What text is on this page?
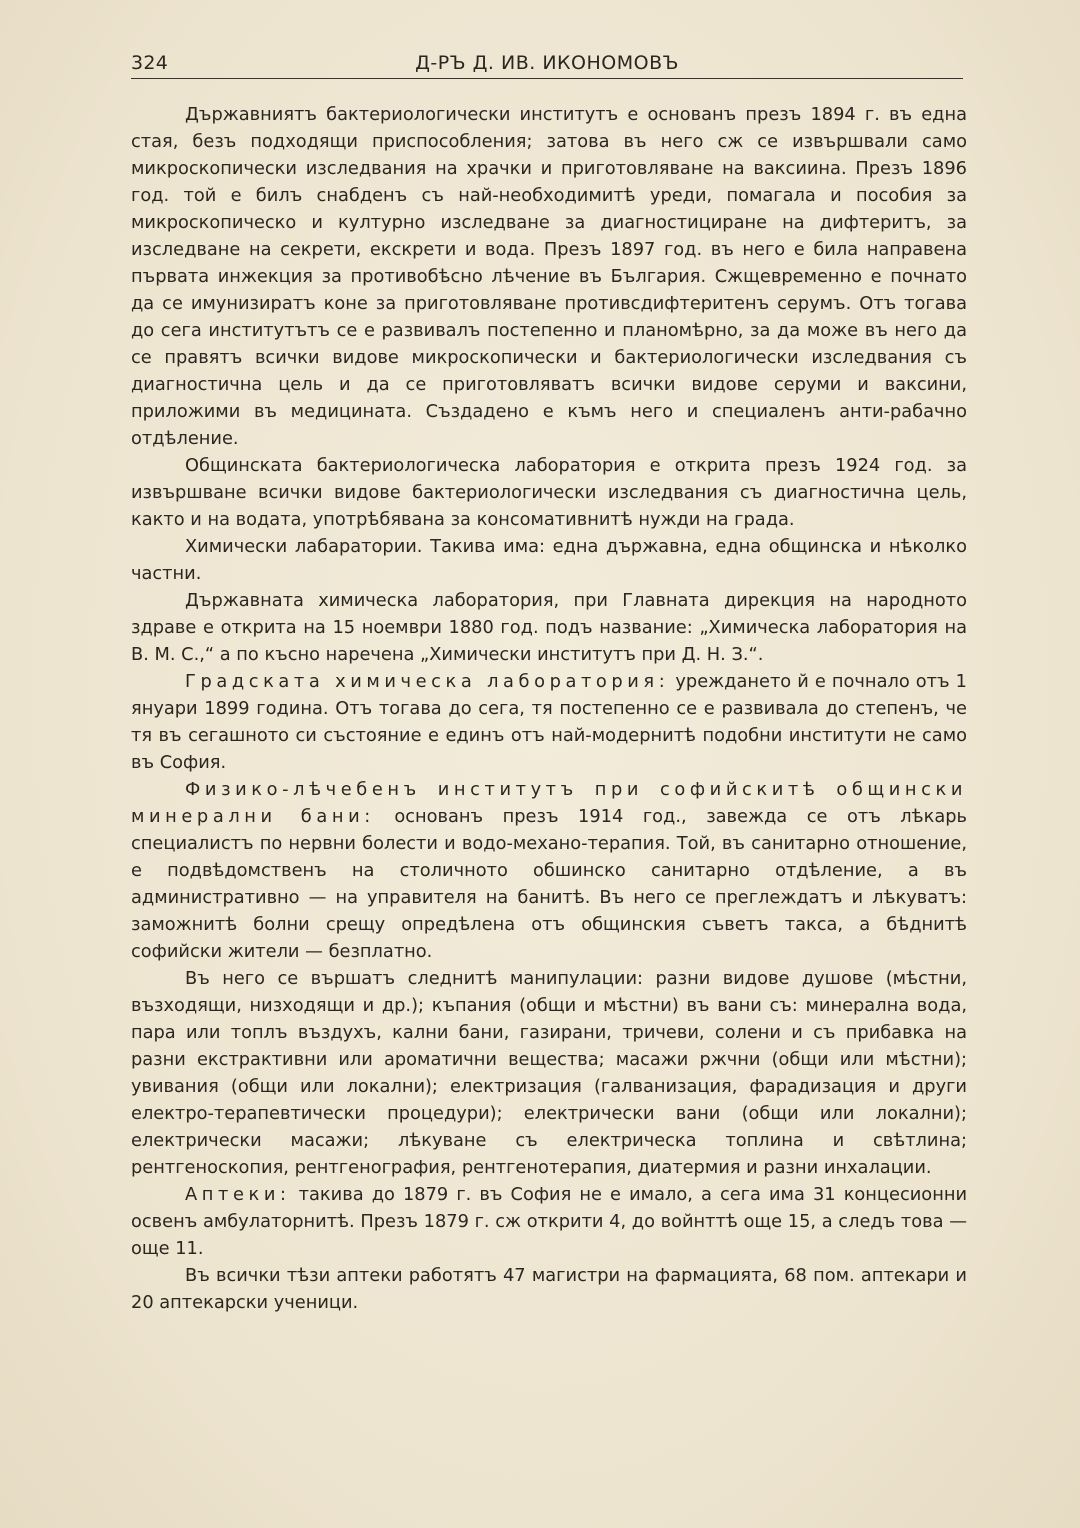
324	Д-РЪ Д. ИВ. ИКОНОМОВЪ

Държавниятъ бактериологически институтъ е основанъ презъ 1894 г. въ една стая, безъ подходящи приспособления; затова въ него сж се извършвали само микроскопически изследвания на храчки и приготовляване на ваксиина. Презъ 1896 год. той е билъ снабденъ съ най-необходимитѣ уреди, помагала и пособия за микроскопическо и културно изследване за диагностициране на дифтеритъ, за изследване на секрети, екскрети и вода. Презъ 1897 год. въ него е била направена първата инжекция за противобѣсно лѣчение въ България. Сжщевременно е почнато да се имунизиратъ коне за приготовляване противсдифтеритенъ серумъ. Отъ тогава до сега институтътъ се е развивалъ постепенно и планомѣрно, за да може въ него да се правятъ всички видове микроскопически и бактериологически изследвания съ диагностична цель и да се приготовляватъ всички видове серуми и ваксини, приложими въ медицината. Създадено е къмъ него и специаленъ анти-рабачно отдѣление.

Общинската бактериологическа лаборатория е открита презъ 1924 год. за извършване всички видове бактериологически изследвания съ диагностична цель, както и на водата, употрѣбявана за консомативнитѣ нужди на града.

Химически лабаратории. Такива има: една държавна, една общинска и нѣколко частни.

Държавната химическа лаборатория, при Главната дирекция на народното здраве е открита на 15 ноември 1880 год. подъ название: „Химическа лаборатория на В. М. С.,“ а по късно наречена „Химически институтъ при Д. Н. З.“.

Градската химическа лаборатория: уреждането й е почнало отъ 1 януари 1899 година. Отъ тогава до сега, тя постепенно се е развивала до степенъ, че тя въ сегашното си състояние е единъ отъ най-модернитѣ подобни институти не само въ София.

Физико-лѣчебенъ институтъ при софийскитѣ общински минерални бани: основанъ презъ 1914 год., завежда се отъ лѣкарь специалистъ по нервни болести и водо-механо-терапия. Той, въ санитарно отношение, е подвѣдомственъ на столичното обшинско санитарно отдѣление, а въ административно — на управителя на банитѣ. Въ него се преглеждатъ и лѣкуватъ: заможнитѣ болни срещу опредѣлена отъ общинския съветъ такса, а бѣднитѣ софийски жители — безплатно.

Въ него се вършатъ следнитѣ манипулации: разни видове душове (мѣстни, възходящи, низходящи и др.); къпания (общи и мѣстни) въ вани съ: минерална вода, пара или топлъ въздухъ, кални бани, газирани, тричеви, солени и съ прибавка на разни екстрактивни или ароматични вещества; масажи ржчни (общи или мѣстни); увивания (общи или локални); електризация (галванизация, фарадизация и други електро-терапевтически процедури); електрически вани (общи или локални); електрически масажи; лѣкуване съ електрическа топлина и свѣтлина; рентгеноскопия, рентгенография, рентгенотерапия, диатермия и разни инхалации.

Аптеки: такива до 1879 г. въ София не е имало, а сега има 31 концесионни освенъ амбулаторнитѣ. Презъ 1879 г. сж открити 4, до войнттѣ още 15, а следъ това — още 11.

Въ всички тѣзи аптеки работятъ 47 магистри на фармацията, 68 пом. аптекари и 20 аптекарски ученици.
